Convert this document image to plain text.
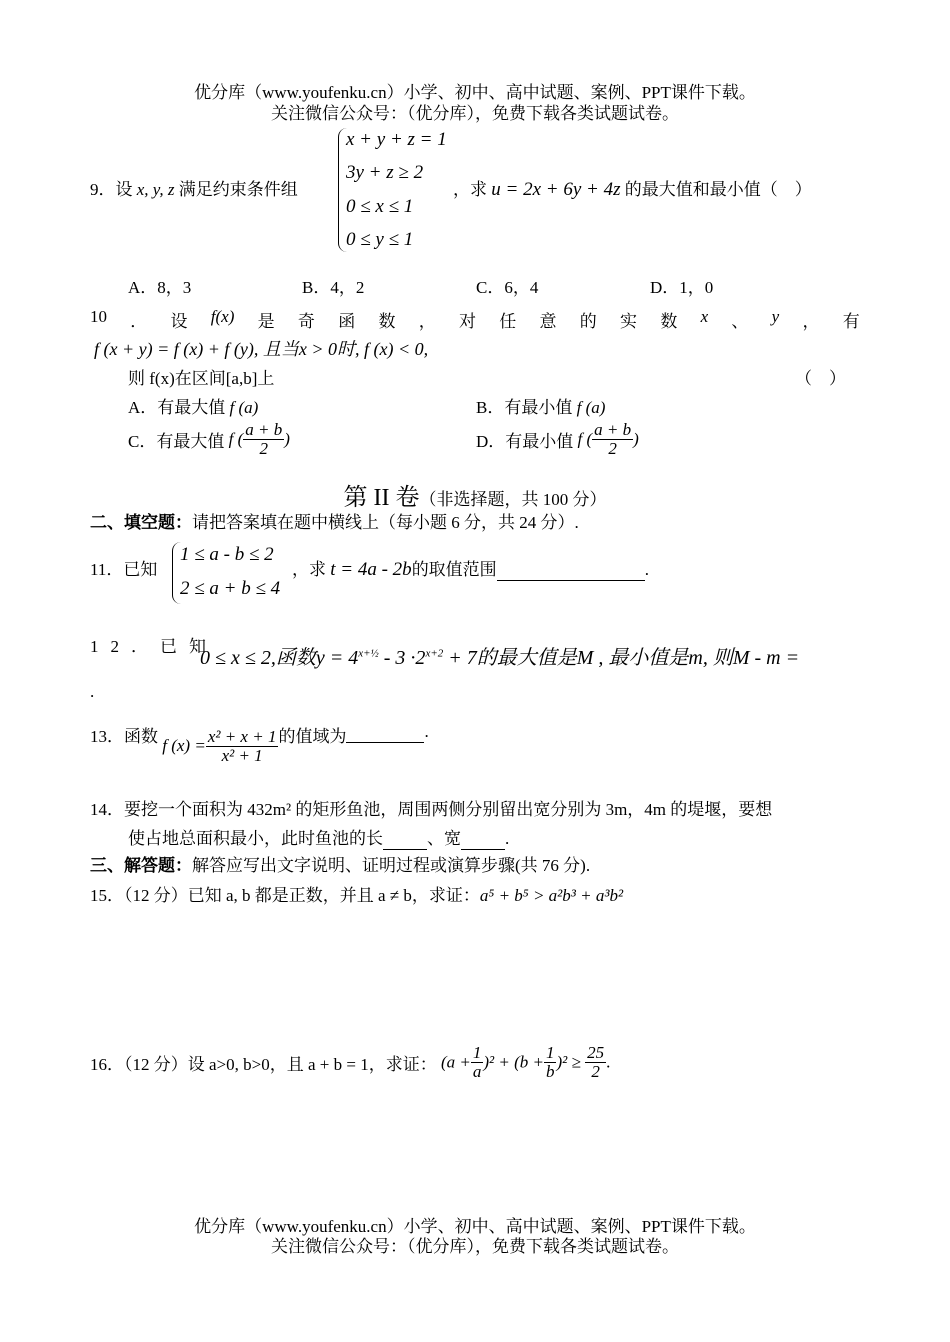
优分库（www.youfenku.cn）小学、初中、高中试题、案例、PPT课件下载。
关注微信公众号：（优分库），免费下载各类试题试卷。
9．设 x, y, z 满足约束条件组
x + y + z = 1
3y + z ≥ 2
0 ≤ x ≤ 1
0 ≤ y ≤ 1
，求 u = 2x + 6y + 4z 的最大值和最小值（　）
A．8，3	B．4，2	C．6，4	D．1，0
10 ． 设 f(x) 是 奇 函 数 ， 对 任 意 的 实 数 x 、 y ， 有
f (x + y) = f (x) + f (y), 且当x > 0时, f (x) < 0,
则 f(x)在区间[a,b]上	（　）
A．有最大值 f (a)	B．有最小值 f (a)
C．有最大值 f ( $\frac{a + b}{2}$ )	D．有最小值 f ( $\frac{a + b}{2}$ )
第 II 卷（非选择题，共 100 分）
二、填空题：请把答案填在题中横线上（每小题 6 分，共 24 分）.
11．已知
1 ≤ a - b ≤ 2
2 ≤ a + b ≤ 4
，求 t = 4a - 2b的取值范围	.
12．已知
0 ≤ x ≤ 2,函数$y = 4^{x+\frac{1}{2}} - 3 \cdot 2^{x+2} + 7$的最大值是M , 最小值是m, 则M - m =
.
13．函数 f $(x) = \frac{\text{x² + x + 1}}{\text{x² + 1}}$ 的值域为	.
14．要挖一个面积为 432m² 的矩形鱼池，周围两侧分别留出宽分别为 3m，4m 的堤堰，要想
使占地总面积最小，此时鱼池的长	、宽	.
三、解答题：解答应写出文字说明、证明过程或演算步骤(共 76 分).
15．（12 分）已知 a, b 都是正数，并且 a ≠ b，求证：a⁵ + b⁵ > a²b³ + a³b²
16．（12 分）设 a>0, b>0，且 a + b = 1，求证： $(a + \frac{1}{a} )^2 + (b + \frac{1}{b} )^2 \ge \frac{25}{2}$ .
优分库（www.youfenku.cn）小学、初中、高中试题、案例、PPT课件下载。
关注微信公众号：（优分库），免费下载各类试题试卷。
